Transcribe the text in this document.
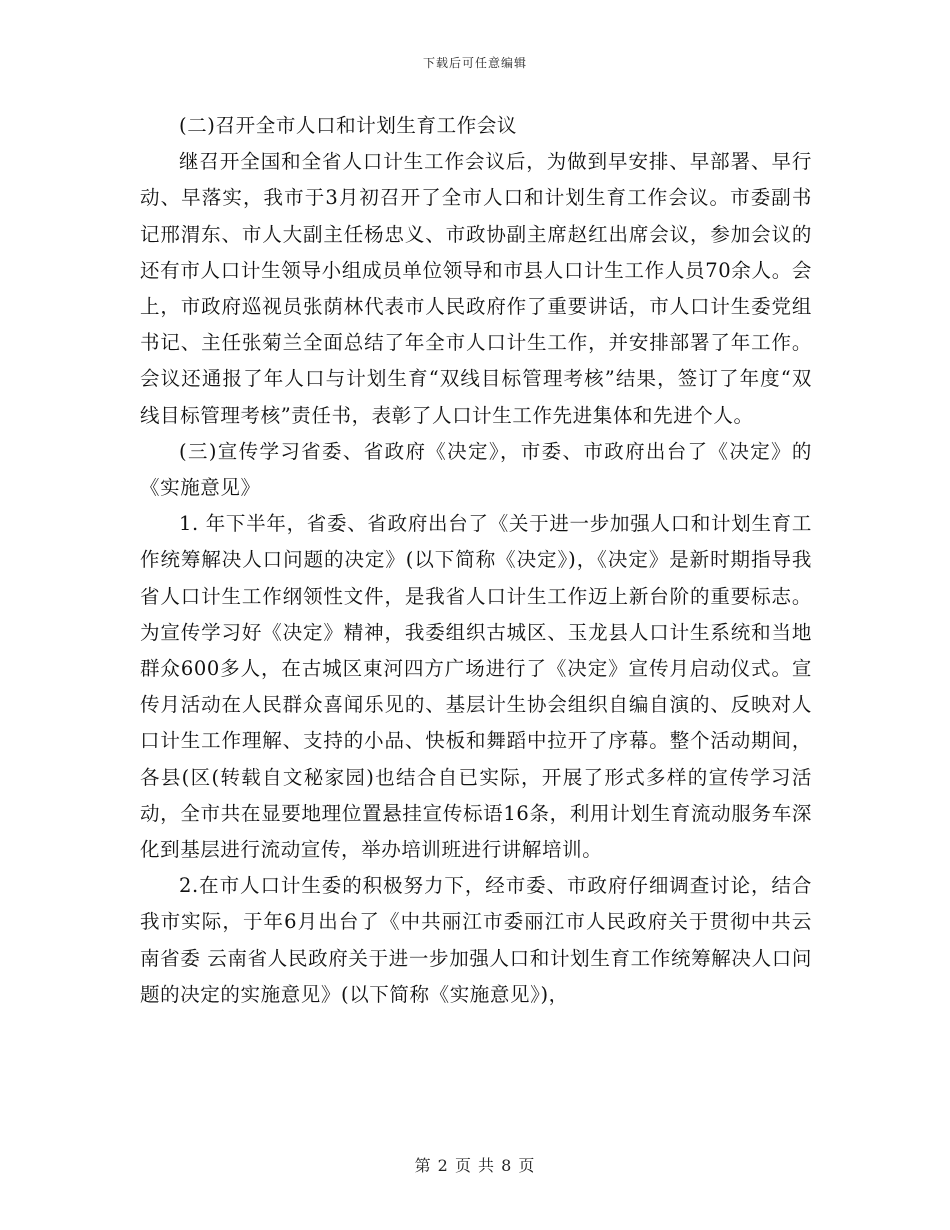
下载后可任意编辑

(二)召开全市人口和计划生育工作会议

继召开全国和全省人口计生工作会议后，为做到早安排、早部署、早行动、早落实，我市于3月初召开了全市人口和计划生育工作会议。市委副书记邢渭东、市人大副主任杨忠义、市政协副主席赵红出席会议，参加会议的还有市人口计生领导小组成员单位领导和市县人口计生工作人员70余人。会上，市政府巡视员张荫林代表市人民政府作了重要讲话，市人口计生委党组书记、主任张菊兰全面总结了年全市人口计生工作，并安排部署了年工作。会议还通报了年人口与计划生育“双线目标管理考核”结果，签订了年度“双线目标管理考核”责任书，表彰了人口计生工作先进集体和先进个人。

(三)宣传学习省委、省政府《决定》，市委、市政府出台了《决定》的《实施意见》

1. 年下半年，省委、省政府出台了《关于进一步加强人口和计划生育工作统筹解决人口问题的决定》(以下简称《决定》)，《决定》是新时期指导我省人口计生工作纲领性文件，是我省人口计生工作迈上新台阶的重要标志。为宣传学习好《决定》精神，我委组织古城区、玉龙县人口计生系统和当地群众600多人，在古城区東河四方广场进行了《决定》宣传月启动仪式。宣传月活动在人民群众喜闻乐见的、基层计生协会组织自编自演的、反映对人口计生工作理解、支持的小品、快板和舞蹈中拉开了序幕。整个活动期间，各县(区(转载自文秘家园)也结合自已实际，开展了形式多样的宣传学习活动，全市共在显要地理位置悬挂宣传标语16条，利用计划生育流动服务车深化到基层进行流动宣传，举办培训班进行讲解培训。

2.在市人口计生委的积极努力下，经市委、市政府仔细调查讨论，结合我市实际，于年6月出台了《中共丽江市委丽江市人民政府关于贯彻中共云南省委 云南省人民政府关于进一步加强人口和计划生育工作统筹解决人口问题的决定的实施意见》(以下简称《实施意见》)，

第 2 页 共 8 页
